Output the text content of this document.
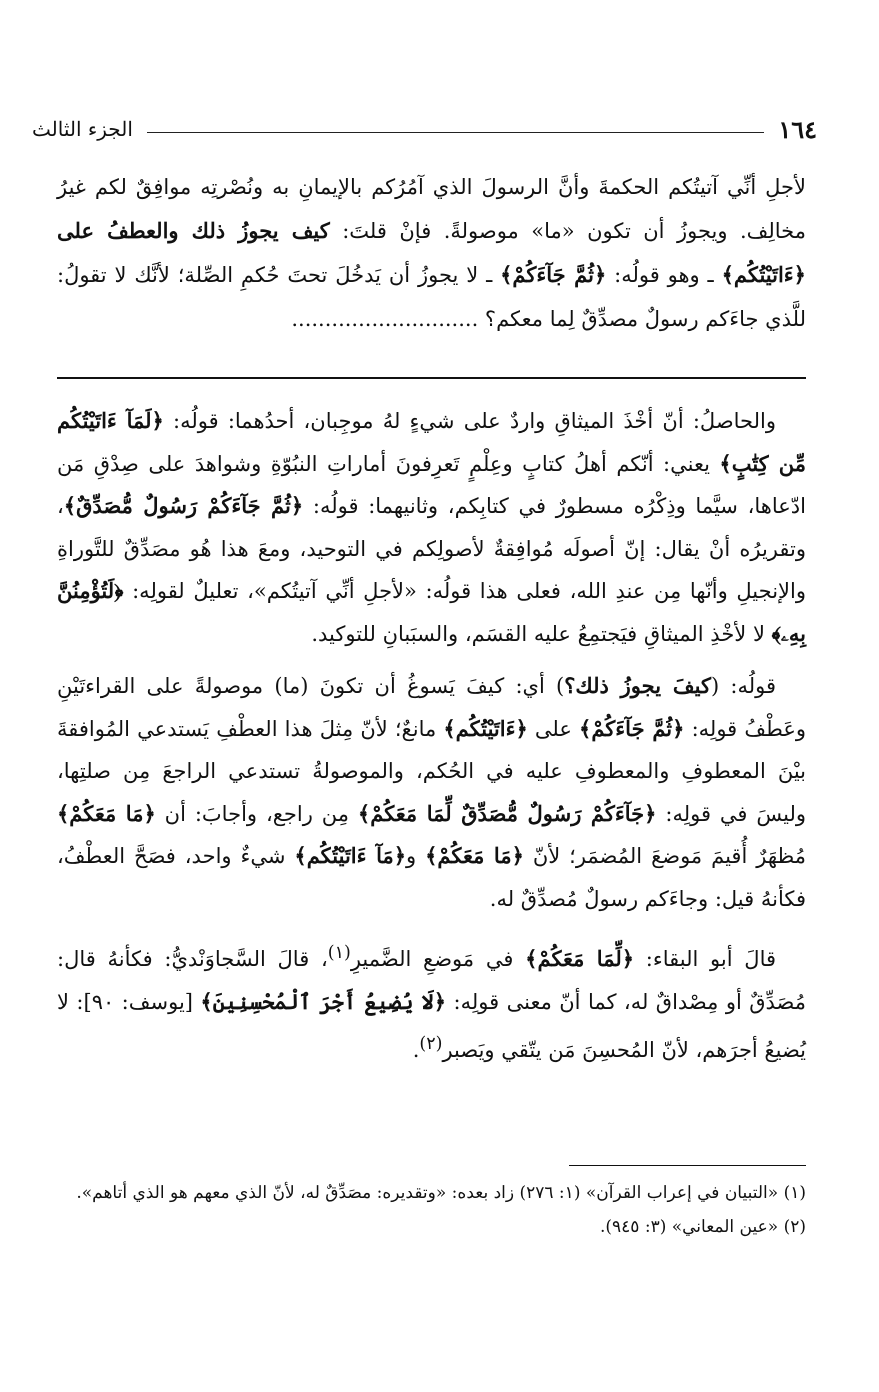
الجزء الثالث	١٦٤

لأجلِ أنِّي آتيتُكم الحكمةَ وأنَّ الرسولَ الذي آمُرُكم بالإيمانِ به ونُصْرتِه موافِقٌ لكم غيرُ مخالِف. ويجوزُ أن تكون «ما» موصولةً. فإنْ قلتَ: كيف يجوزُ ذلك والعطفُ على ﴿ءَاتَيْتُكُم﴾ ـ وهو قولُه: ﴿ثُمَّ جَآءَكُمْ﴾ ـ لا يجوزُ أن يَدخُلَ تحتَ حُكمِ الصِّلة؛ لأنَّك لا تقولُ: للَّذي جاءَكم رسولٌ مصدِّقٌ لِما معكم؟ ............................

والحاصلُ: أنّ أخْذَ الميثاقِ واردٌ على شيءٍ لهُ موجِبان، أحدُهما: قولُه: ﴿لَمَآ ءَاتَيْتُكُم مِّن كِتَٰبٍ﴾ يعني: أنّكم أهلُ كتابٍ وعِلْمٍ تَعرِفونَ أماراتِ النبُوّةِ وشواهدَ على صِدْقِ مَن ادّعاها، سيَّما وذِكْرُه مسطورٌ في كتابِكم، وثانيهما: قولُه: ﴿ثُمَّ جَآءَكُمْ رَسُولٌ مُّصَدِّقٌ﴾، وتقريرُه أنْ يقال: إنّ أصولَه مُوافِقةٌ لأصولِكم في التوحيد، ومعَ هذا هُو مصَدِّقٌ للتَّوراةِ والإنجيلِ وأنّها مِن عندِ الله، فعلى هذا قولُه: «لأجلِ أنِّي آتيتُكم»، تعليلٌ لقولِه: ﴿لَتُؤْمِنُنَّ بِهِۦ﴾ لا لأخْذِ الميثاقِ فيَجتمِعُ عليه القسَم، والسبَبانِ للتوكيد.

قولُه: (كيفَ يجوزُ ذلك؟) أي: كيفَ يَسوغُ أن تكونَ (ما) موصولةً على القراءتَيْنِ وعَطْفُ قولِه: ﴿ثُمَّ جَآءَكُمْ﴾ على ﴿ءَاتَيْتُكُم﴾ مانعٌ؛ لأنّ مِثلَ هذا العطْفِ يَستدعي المُوافقةَ بيْنَ المعطوفِ والمعطوفِ عليه في الحُكم، والموصولةُ تستدعي الراجعَ مِن صلتِها، وليسَ في قولِه: ﴿جَآءَكُمْ رَسُولٌ مُّصَدِّقٌ لِّمَا مَعَكُمْ﴾ مِن راجع، وأجابَ: أن ﴿مَا مَعَكُمْ﴾ مُظهَرٌ أُقيمَ مَوضعَ المُضمَر؛ لأنّ ﴿مَا مَعَكُمْ﴾ و﴿مَآ ءَاتَيْتُكُم﴾ شيءٌ واحد، فصَحَّ العطْفُ، فكأنهُ قيل: وجاءَكم رسولٌ مُصدِّقٌ له.

قالَ أبو البقاء: ﴿لِّمَا مَعَكُمْ﴾ في مَوضعِ الضَّميرِ$^{(١)}$، قالَ السَّجاوَنْديُّ: فكأنهُ قال: مُصَدِّقٌ أو مِصْداقٌ له، كما أنّ معنى قولِه: ﴿لَا يُضِيعُ أَجْرَ ٱلْمُحْسِنِينَ﴾ [يوسف: ٩٠]: لا يُضيعُ أجرَهم، لأنّ المُحسِنَ مَن يتّقي ويَصبر$^{(٢)}$.

(١) «التبيان في إعراب القرآن» (١: ٢٧٦) زاد بعده: «وتقديره: مصَدِّقٌ له، لأنّ الذي معهم هو الذي أتاهم».
(٢) «عين المعاني» (٣: ٩٤٥).
